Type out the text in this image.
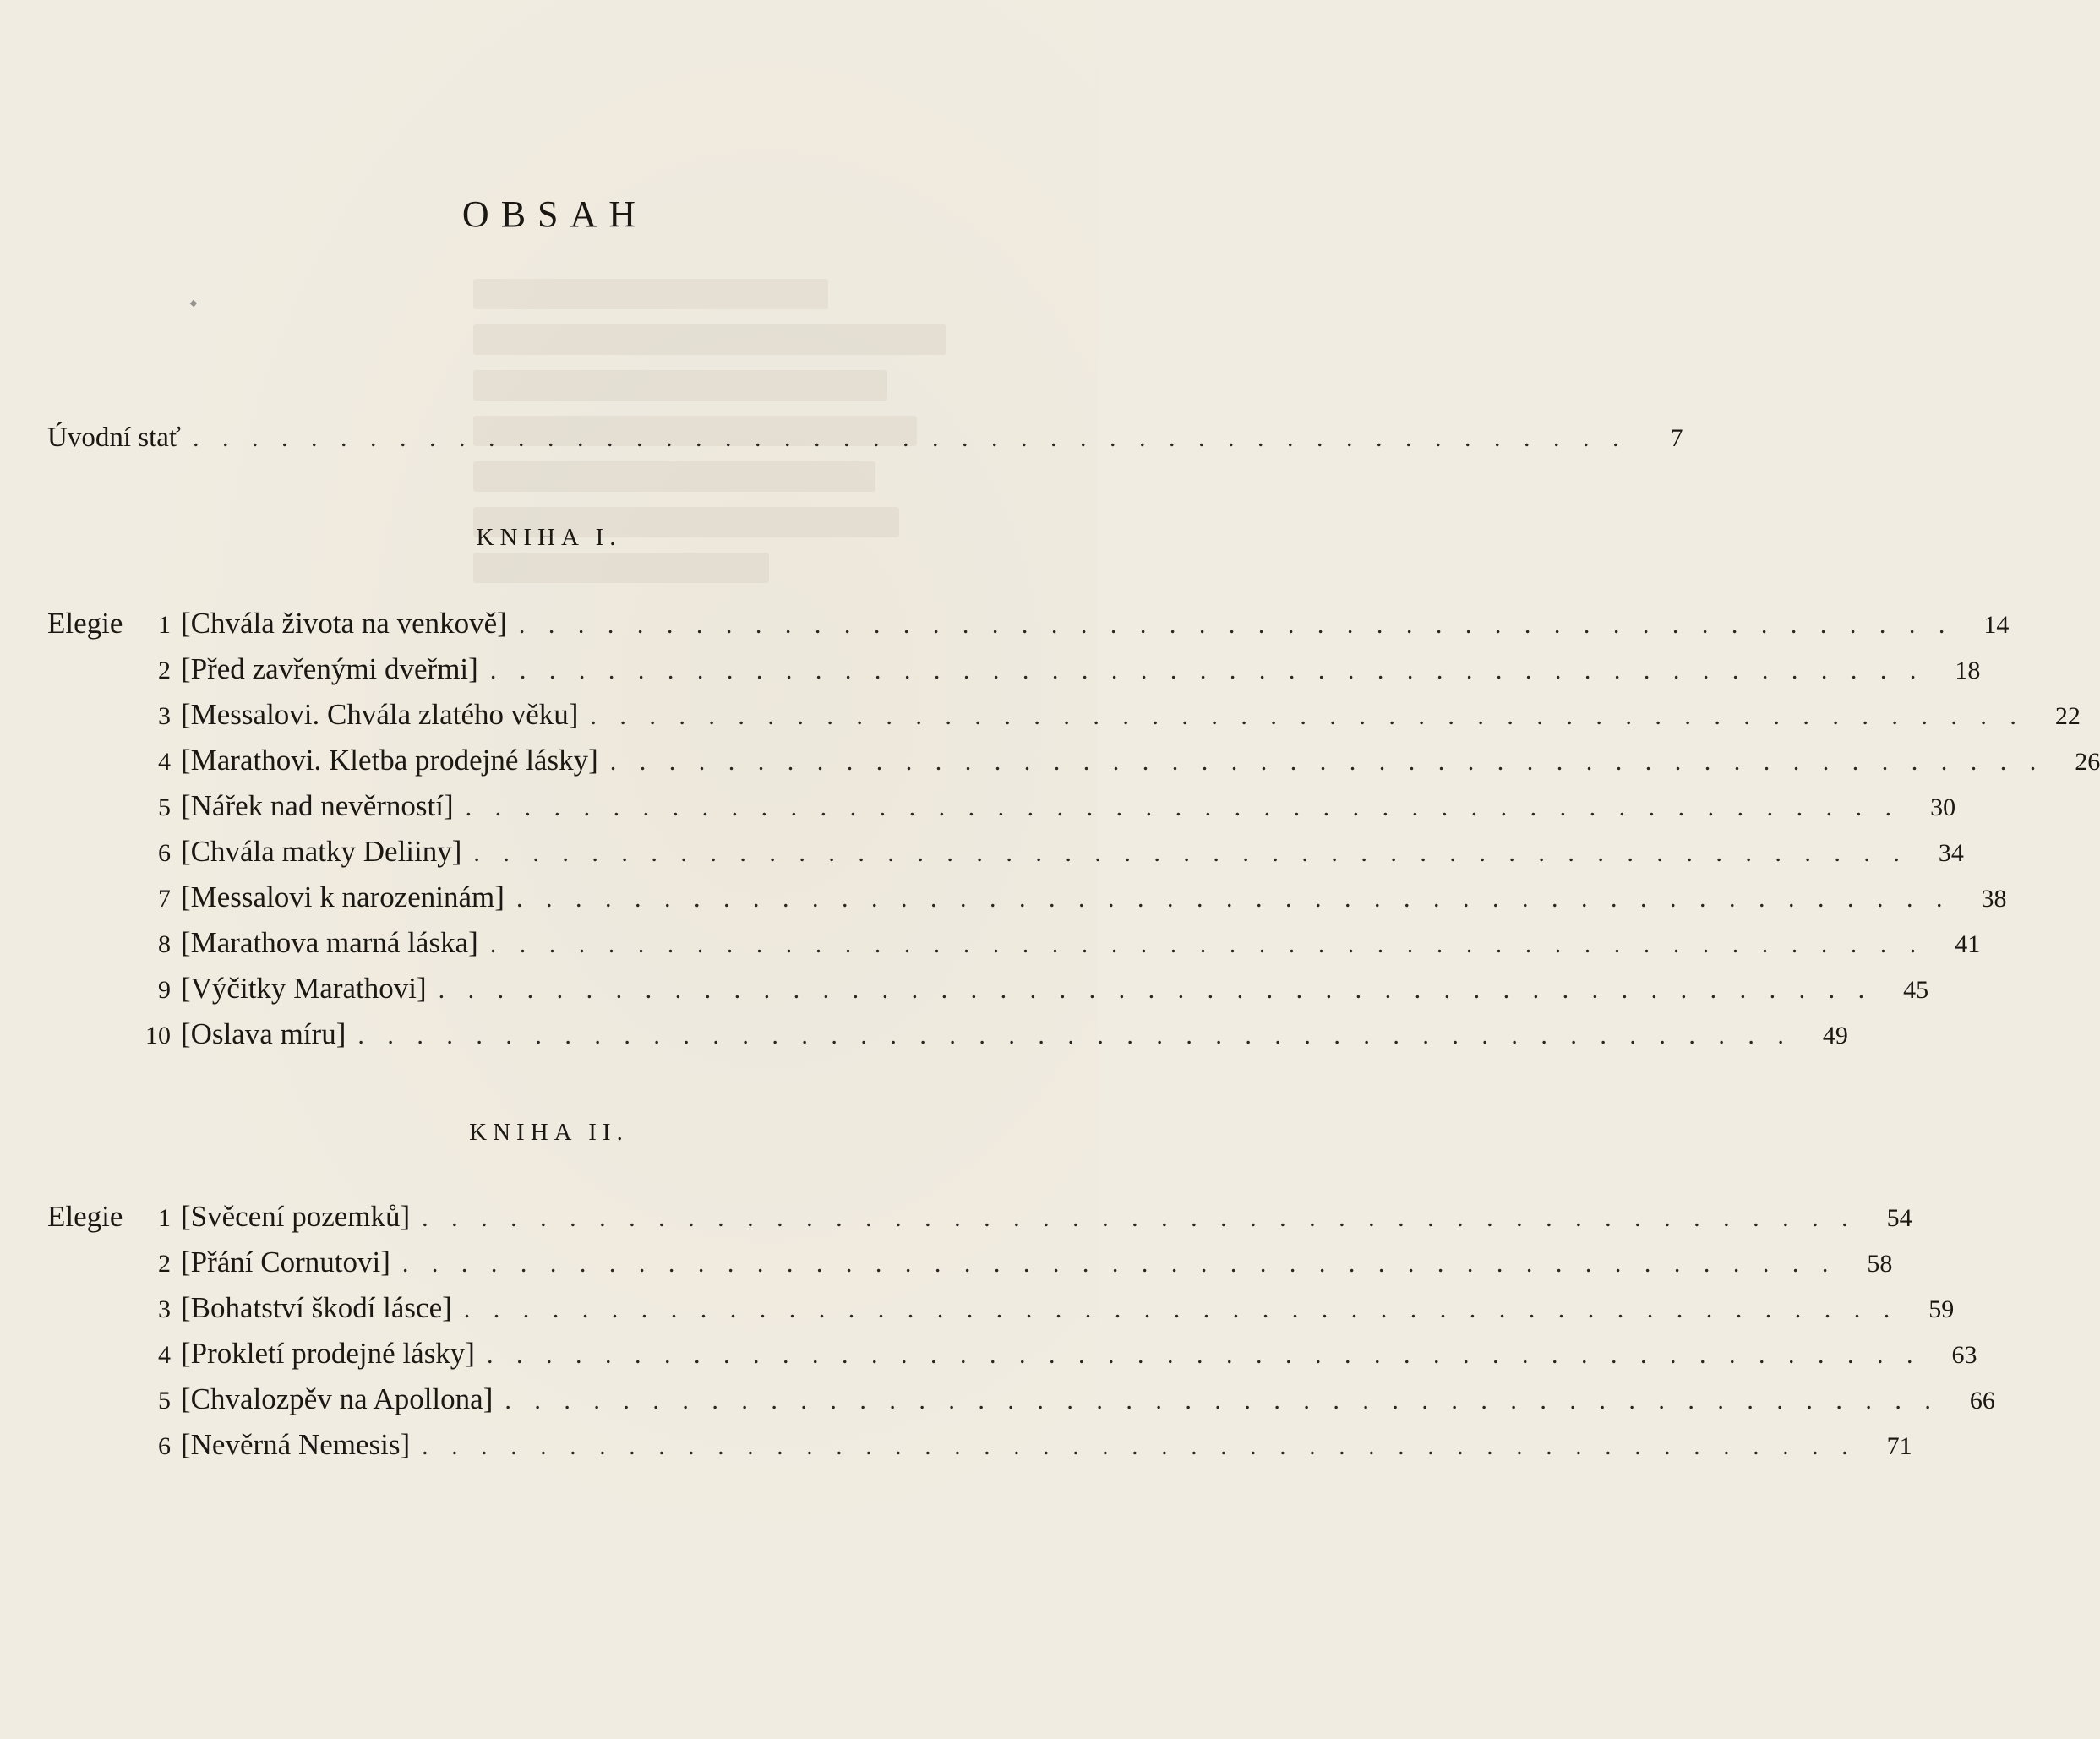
OBSAH
Úvodní stať . . . . . . . . . . . . . . . . . . . . . . . . . . . . . . . . . . . . . . . . . . . . . . . . .	7
KNIHA I.
Elegie	1 [Chvála života na venkově] . . . . . . . . . . . . . . . . . . . . . . . . . . . . . . . . . . . . . . . . . . . . . . . . .	14
2 [Před zavřenými dveřmi] . . . . . . . . . . . . . . . . . . . . . . . . . . . . . . . . . . . . . . . . . . . . . . . . .	18
3 [Messalovi. Chvála zlatého věku] . . . . . . . . . . . . . . . . . . . . . . . . . . . . . . . . . . . . . . . . . . . . . . . . .	22
4 [Marathovi. Kletba prodejné lásky] . . . . . . . . . . . . . . . . . . . . . . . . . . . . . . . . . . . . . . . . . . . . . . . . .	26
5 [Nářek nad nevěrností] . . . . . . . . . . . . . . . . . . . . . . . . . . . . . . . . . . . . . . . . . . . . . . . . .	30
6 [Chvála matky Deliiny] . . . . . . . . . . . . . . . . . . . . . . . . . . . . . . . . . . . . . . . . . . . . . . . . .	34
7 [Messalovi k narozeninám] . . . . . . . . . . . . . . . . . . . . . . . . . . . . . . . . . . . . . . . . . . . . . . . . .	38
8 [Marathova marná láska] . . . . . . . . . . . . . . . . . . . . . . . . . . . . . . . . . . . . . . . . . . . . . . . . .	41
9 [Výčitky Marathovi] . . . . . . . . . . . . . . . . . . . . . . . . . . . . . . . . . . . . . . . . . . . . . . . . .	45
10 [Oslava míru] . . . . . . . . . . . . . . . . . . . . . . . . . . . . . . . . . . . . . . . . . . . . . . . . .	49
KNIHA II.
Elegie	1 [Svěcení pozemků] . . . . . . . . . . . . . . . . . . . . . . . . . . . . . . . . . . . . . . . . . . . . . . . . .	54
2 [Přání Cornutovi] . . . . . . . . . . . . . . . . . . . . . . . . . . . . . . . . . . . . . . . . . . . . . . . . .	58
3 [Bohatství škodí lásce] . . . . . . . . . . . . . . . . . . . . . . . . . . . . . . . . . . . . . . . . . . . . . . . . .	59
4 [Prokletí prodejné lásky] . . . . . . . . . . . . . . . . . . . . . . . . . . . . . . . . . . . . . . . . . . . . . . . . .	63
5 [Chvalozpěv na Apollona] . . . . . . . . . . . . . . . . . . . . . . . . . . . . . . . . . . . . . . . . . . . . . . . . .	66
6 [Nevěrná Nemesis] . . . . . . . . . . . . . . . . . . . . . . . . . . . . . . . . . . . . . . . . . . . . . . . . .	71
